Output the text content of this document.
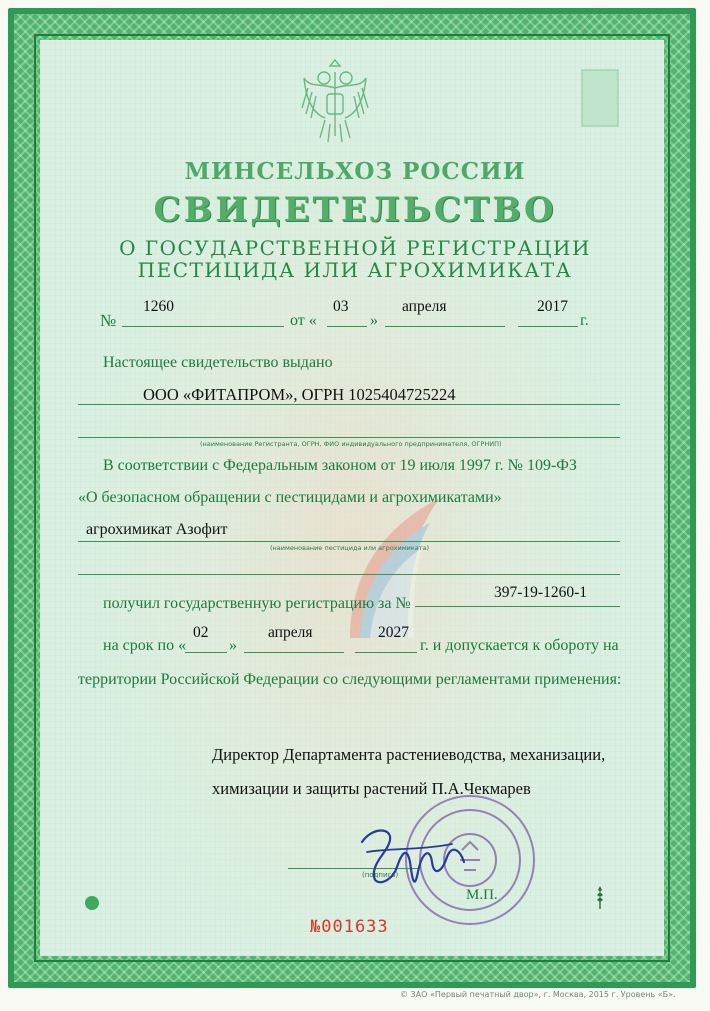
МИНСЕЛЬХОЗ РОССИИ
СВИДЕТЕЛЬСТВО
О ГОСУДАРСТВЕННОЙ РЕГИСТРАЦИИ
ПЕСТИЦИДА ИЛИ АГРОХИМИКАТА
№
1260
от «
03
»
апреля	2017
г.
Настоящее свидетельство выдано
ООО «ФИТАПРОМ», ОГРН 1025404725224
(наименование Регистранта, ОГРН, ФИО индивидуального предпринимателя, ОГРНИП)
В соответствии с Федеральным законом от 19 июля 1997 г. № 109-ФЗ
«О безопасном обращении с пестицидами и агрохимикатами»
агрохимикат Азофит
(наименование пестицида или агрохимиката)
получил государственную регистрацию за №
397-19-1260-1
на срок по «
02
»
апреля	2027
г. и допускается к обороту на
территории Российской Федерации со следующими регламентами применения:
Директор Департамента растениеводства, механизации,
химизации и защиты растений П.А.Чекмарев
(подпись)
М.П.
№001633
© ЗАО «Первый печатный двор», г. Москва, 2015 г. Уровень «Б».
